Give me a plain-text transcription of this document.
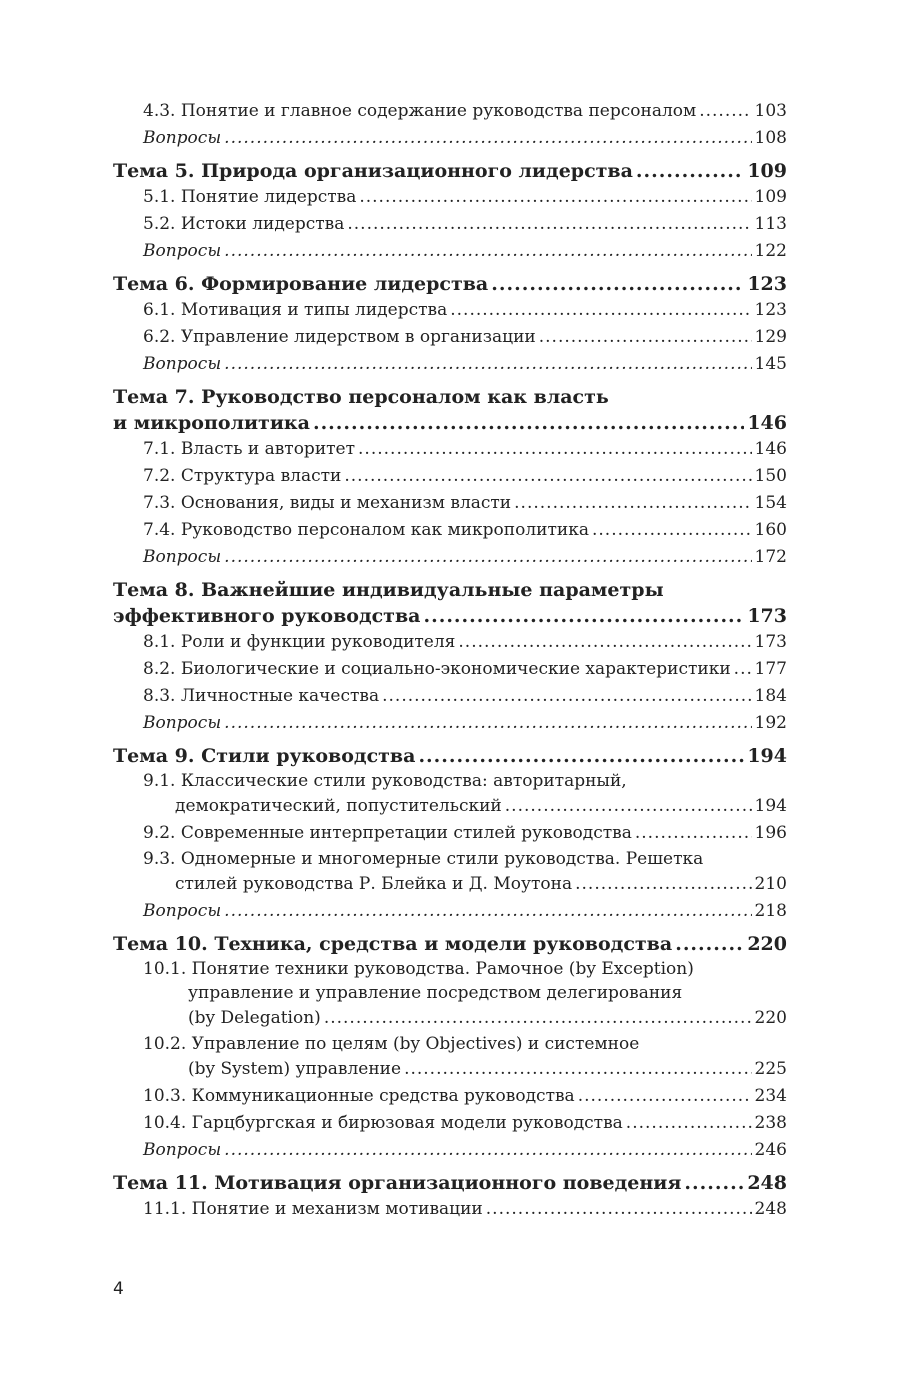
4.3. Понятие и главное содержание руководства персоналом .....	103
Вопросы .....	108
Тема 5. Природа организационного лидерства .....	109
5.1. Понятие лидерства .....	109
5.2. Истоки лидерства .....	113
Вопросы .....	122
Тема 6. Формирование лидерства .....	123
6.1. Мотивация и типы лидерства .....	123
6.2. Управление лидерством в организации .....	129
Вопросы .....	145
Тема 7. Руководство персоналом как власть
и микрополитика .....	146
7.1. Власть и авторитет .....	146
7.2. Структура власти .....	150
7.3. Основания, виды и механизм власти .....	154
7.4. Руководство персоналом как микрополитика .....	160
Вопросы .....	172
Тема 8. Важнейшие индивидуальные параметры
эффективного руководства .....	173
8.1. Роли и функции руководителя .....	173
8.2. Биологические и социально-экономические характеристики ..... 177
8.3. Личностные качества .....	184
Вопросы .....	192
Тема 9. Стили руководства .....	194
9.1. Классические стили руководства: авторитарный,
демократический, попустительский .....	194
9.2. Современные интерпретации стилей руководства .....	196
9.3. Одномерные и многомерные стили руководства. Решетка
стилей руководства Р. Блейка и Д. Моутона .....	210
Вопросы .....	218
Тема 10. Техника, средства и модели руководства .....	220
10.1. Понятие техники руководства. Рамочное (by Exception)
управление и управление посредством делегирования
(by Delegation) .....	220
10.2. Управление по целям (by Objectives) и системное
(by System) управление .....	225
10.3. Коммуникационные средства руководства .....	234
10.4. Гарцбургская и бирюзовая модели руководства .....	238
Вопросы .....	246
Тема 11. Мотивация организационного поведения .....	248
11.1. Понятие и механизм мотивации .....	248
4
